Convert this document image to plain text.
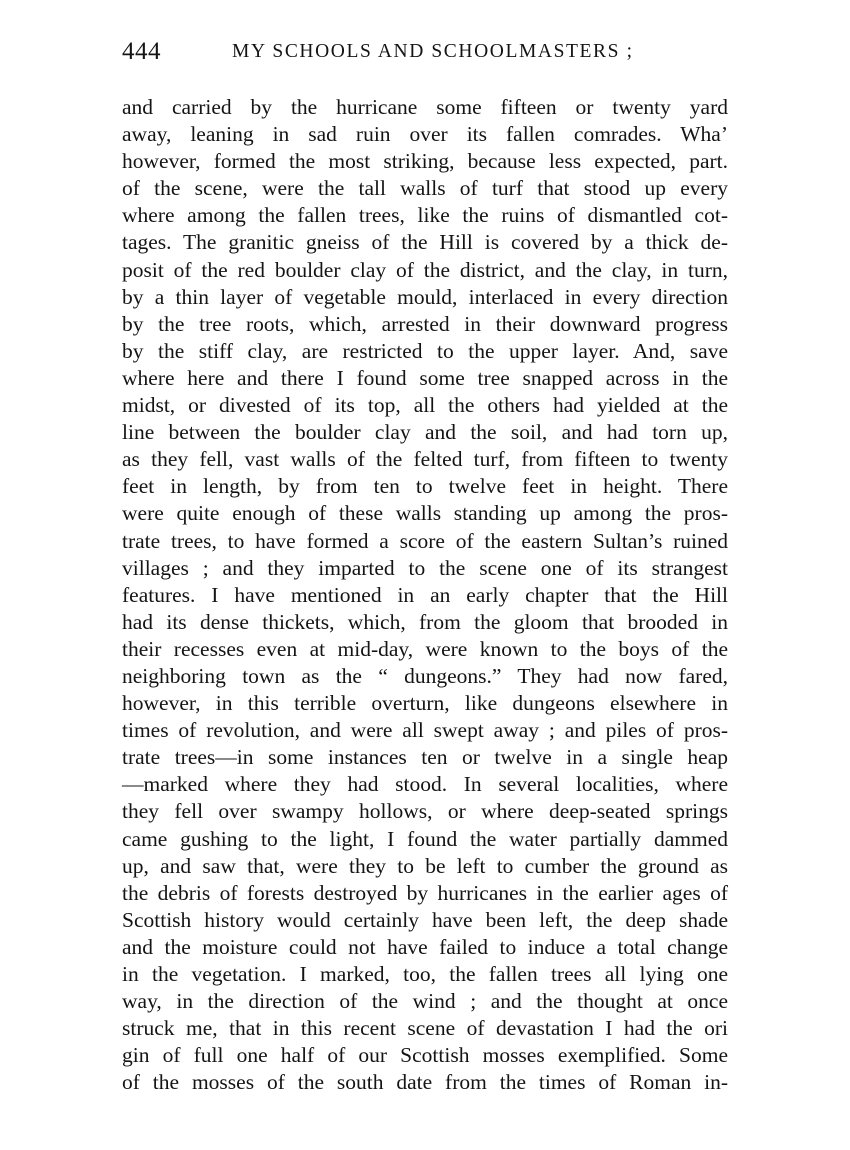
444	MY SCHOOLS AND SCHOOLMASTERS ;
and carried by the hurricane some fifteen or twenty yard
away, leaning in sad ruin over its fallen comrades. Wha’
however, formed the most striking, because less expected, part.
of the scene, were the tall walls of turf that stood up every
where among the fallen trees, like the ruins of dismantled cot-
tages. The granitic gneiss of the Hill is covered by a thick de-
posit of the red boulder clay of the district, and the clay, in turn,
by a thin layer of vegetable mould, interlaced in every direction
by the tree roots, which, arrested in their downward progress
by the stiff clay, are restricted to the upper layer. And, save
where here and there I found some tree snapped across in the
midst, or divested of its top, all the others had yielded at the
line between the boulder clay and the soil, and had torn up,
as they fell, vast walls of the felted turf, from fifteen to twenty
feet in length, by from ten to twelve feet in height. There
were quite enough of these walls standing up among the pros-
trate trees, to have formed a score of the eastern Sultan’s ruined
villages ; and they imparted to the scene one of its strangest
features. I have mentioned in an early chapter that the Hill
had its dense thickets, which, from the gloom that brooded in
their recesses even at mid-day, were known to the boys of the
neighboring town as the “ dungeons.” They had now fared,
however, in this terrible overturn, like dungeons elsewhere in
times of revolution, and were all swept away ; and piles of pros-
trate trees—in some instances ten or twelve in a single heap
—marked where they had stood. In several localities, where
they fell over swampy hollows, or where deep-seated springs
came gushing to the light, I found the water partially dammed
up, and saw that, were they to be left to cumber the ground as
the debris of forests destroyed by hurricanes in the earlier ages of
Scottish history would certainly have been left, the deep shade
and the moisture could not have failed to induce a total change
in the vegetation. I marked, too, the fallen trees all lying one
way, in the direction of the wind ; and the thought at once
struck me, that in this recent scene of devastation I had the ori
gin of full one half of our Scottish mosses exemplified. Some
of the mosses of the south date from the times of Roman in-
